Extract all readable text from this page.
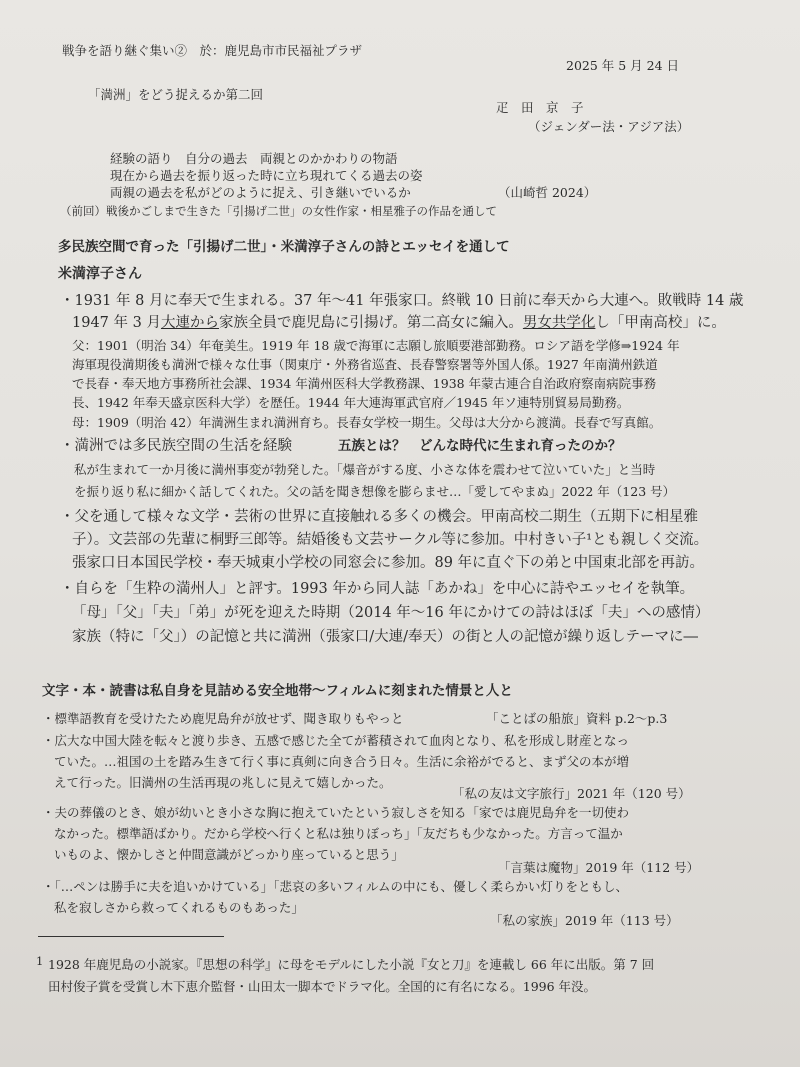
戦争を語り継ぐ集い②　於：鹿児島市市民福祉プラザ
2025 年 5 月 24 日
「満洲」をどう捉えるか第二回
疋　田　京　子
（ジェンダー法・アジア法）
経験の語り　自分の過去　両親とのかかわりの物語
現在から過去を振り返った時に立ち現れてくる過去の姿
両親の過去を私がどのように捉え、引き継いでいるか	（山崎哲 2024）
（前回）戦後かごしまで生きた「引揚げ二世」の女性作家・相星雅子の作品を通して
多民族空間で育った「引揚げ二世」・米満淳子さんの詩とエッセイを通して
米満淳子さん
・1931 年 8 月に奉天で生まれる。37 年～41 年張家口。終戦 10 日前に奉天から大連へ。敗戦時 14 歳
1947 年 3 月大連から家族全員で鹿児島に引揚げ。第二高女に編入。男女共学化し「甲南高校」に。
父：1901（明治 34）年奄美生。1919 年 18 歳で海軍に志願し旅順要港部勤務。ロシア語を学修⇒1924 年
海軍現役満期後も満洲で様々な仕事（関東庁・外務省巡査、長春警察署等外国人係。1927 年南満州鉄道
で長春・奉天地方事務所社会課、1934 年満州医科大学教務課、1938 年蒙古連合自治政府察南病院事務
長、1942 年奉天盛京医科大学）を歴任。1944 年大連海軍武官府／1945 年ソ連特別貿易局勤務。
母：1909（明治 42）年満洲生まれ満洲育ち。長春女学校一期生。父母は大分から渡満。長春で写真館。
・満洲では多民族空間の生活を経験	五族とは？　どんな時代に生まれ育ったのか？
私が生まれて一か月後に満州事変が勃発した。「爆音がする度、小さな体を震わせて泣いていた」と当時
を振り返り私に細かく話してくれた。父の話を聞き想像を膨らませ…「愛してやまぬ」2022 年（123 号）
・父を通して様々な文学・芸術の世界に直接触れる多くの機会。甲南高校二期生（五期下に相星雅
子）。文芸部の先輩に桐野三郎等。結婚後も文芸サークル等に参加。中村きい子¹とも親しく交流。
張家口日本国民学校・奉天城東小学校の同窓会に参加。89 年に直ぐ下の弟と中国東北部を再訪。
・自らを「生粋の満州人」と評す。1993 年から同人誌「あかね」を中心に詩やエッセイを執筆。
「母」「父」「夫」「弟」が死を迎えた時期（2014 年～16 年にかけての詩はほぼ「夫」への感情）
家族（特に「父」）の記憶と共に満洲（張家口/大連/奉天）の街と人の記憶が繰り返しテーマに―
文字・本・読書は私自身を見詰める安全地帯～フィルムに刻まれた情景と人と
・標準語教育を受けたため鹿児島弁が放せず、聞き取りもやっと	「ことばの船旅」資料 p.2～p.3
・広大な中国大陸を転々と渡り歩き、五感で感じた全てが蓄積されて血肉となり、私を形成し財産となっ
ていた。…祖国の土を踏み生きて行く事に真剣に向き合う日々。生活に余裕がでると、まず父の本が増
えて行った。旧満州の生活再現の兆しに見えて嬉しかった。
「私の友は文字旅行」2021 年（120 号）
・夫の葬儀のとき、娘が幼いとき小さな胸に抱えていたという寂しさを知る「家では鹿児島弁を一切使わ
なかった。標準語ばかり。だから学校へ行くと私は独りぼっち」「友だちも少なかった。方言って温か
いものよ、懐かしさと仲間意識がどっかり座っていると思う」
「言葉は魔物」2019 年（112 号）
・「…ペンは勝手に夫を追いかけている」「悲哀の多いフィルムの中にも、優しく柔らかい灯りをともし、
私を寂しさから救ってくれるものもあった」
「私の家族」2019 年（113 号）
1 1928 年鹿児島の小説家。『思想の科学』に母をモデルにした小説『女と刀』を連載し 66 年に出版。第 7 回
田村俊子賞を受賞し木下恵介監督・山田太一脚本でドラマ化。全国的に有名になる。1996 年没。
